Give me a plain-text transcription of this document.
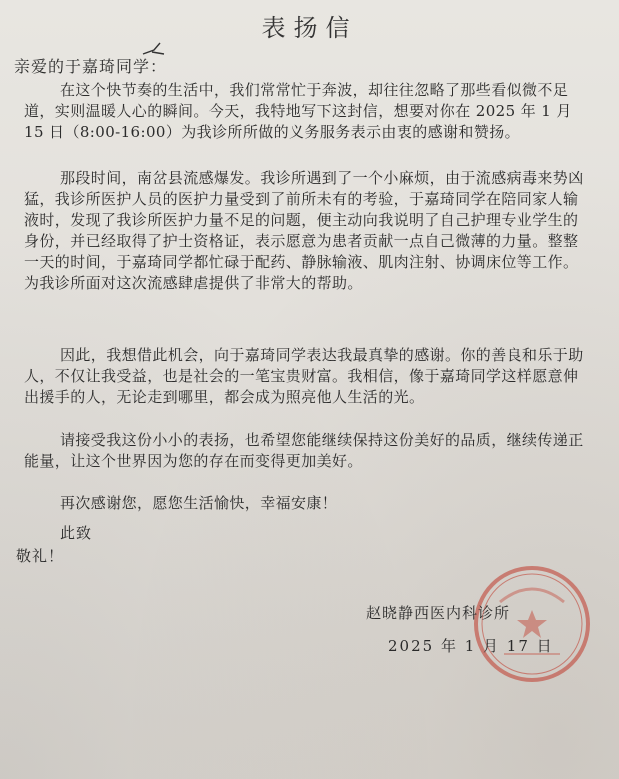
表扬信
亲爱的于嘉琦同学：

在这个快节奏的生活中，我们常常忙于奔波，却往往忽略了那些看似微不足道，实则温暖人心的瞬间。今天，我特地写下这封信，想要对你在 2025 年 1 月 15 日（8:00-16:00）为我诊所所做的义务服务表示由衷的感谢和赞扬。

那段时间，南岔县流感爆发。我诊所遇到了一个小麻烦，由于流感病毒来势凶猛，我诊所医护人员的医护力量受到了前所未有的考验，于嘉琦同学在陪同家人输液时，发现了我诊所医护力量不足的问题，便主动向我说明了自己护理专业学生的身份，并已经取得了护士资格证，表示愿意为患者贡献一点自己微薄的力量。整整一天的时间，于嘉琦同学都忙碌于配药、静脉输液、肌肉注射、协调床位等工作。为我诊所面对这次流感肆虐提供了非常大的帮助。

因此，我想借此机会，向于嘉琦同学表达我最真挚的感谢。你的善良和乐于助人，不仅让我受益，也是社会的一笔宝贵财富。我相信，像于嘉琦同学这样愿意伸出援手的人，无论走到哪里，都会成为照亮他人生活的光。

请接受我这份小小的表扬，也希望您能继续保持这份美好的品质，继续传递正能量，让这个世界因为您的存在而变得更加美好。

再次感谢您，愿您生活愉快，幸福安康！

此致
敬礼！
赵晓静西医内科诊所
2025 年 1 月 17 日
